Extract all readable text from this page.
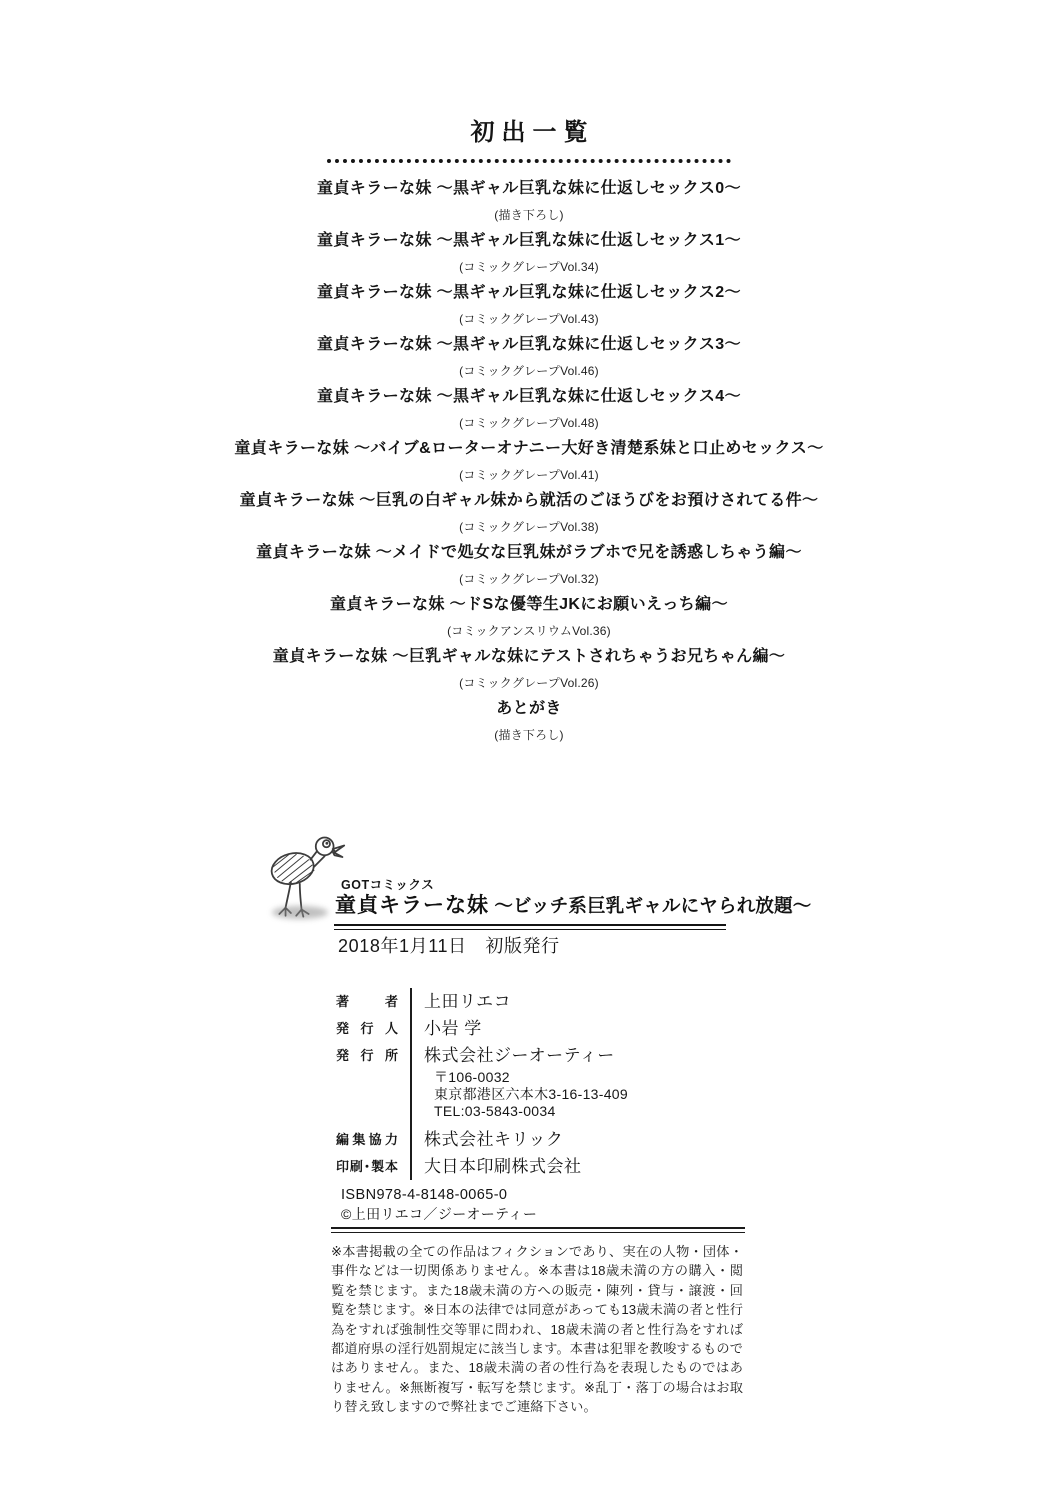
初出一覧
童貞キラーな妹 ～黒ギャル巨乳な妹に仕返しセックス0～
(描き下ろし)
童貞キラーな妹 ～黒ギャル巨乳な妹に仕返しセックス1～
(コミックグレープVol.34)
童貞キラーな妹 ～黒ギャル巨乳な妹に仕返しセックス2～
(コミックグレープVol.43)
童貞キラーな妹 ～黒ギャル巨乳な妹に仕返しセックス3～
(コミックグレープVol.46)
童貞キラーな妹 ～黒ギャル巨乳な妹に仕返しセックス4～
(コミックグレープVol.48)
童貞キラーな妹 ～バイブ&ローターオナニー大好き清楚系妹と口止めセックス～
(コミックグレープVol.41)
童貞キラーな妹 ～巨乳の白ギャル妹から就活のごほうびをお預けされてる件～
(コミックグレープVol.38)
童貞キラーな妹 ～メイドで処女な巨乳妹がラブホで兄を誘惑しちゃう編～
(コミックグレープVol.32)
童貞キラーな妹 ～ドSな優等生JKにお願いえっち編～
(コミックアンスリウムVol.36)
童貞キラーな妹 ～巨乳ギャルな妹にテストされちゃうお兄ちゃん編～
(コミックグレープVol.26)
あとがき
(描き下ろし)
GOTコミックス
童貞キラーな妹 ～ビッチ系巨乳ギャルにヤられ放題～
2018年1月11日　初版発行
著	者	上田リエコ

発 行 人	小岩 学

発 行 所	株式会社ジーオーティー
〒106-0032
東京都港区六本木3-16-13-409
TEL:03-5843-0034

編 集 協 力	株式会社キリック

印 刷 ･ 製 本	大日本印刷株式会社
ISBN978-4-8148-0065-0
©上田リエコ／ジーオーティー

※本書掲載の全ての作品はフィクションであり、実在の人物・団体・事件などは一切関係ありません。※本書は18歳未満の方の購入・閲覧を禁じます。また18歳未満の方への販売・陳列・貸与・譲渡・回覧を禁じます。※日本の法律では同意があっても13歳未満の者と性行為をすれば強制性交等罪に問われ、18歳未満の者と性行為をすれば都道府県の淫行処罰規定に該当します。本書は犯罪を教唆するものではありません。また、18歳未満の者の性行為を表現したものではありません。※無断複写・転写を禁じます。※乱丁・落丁の場合はお取り替え致しますので弊社までご連絡下さい。
